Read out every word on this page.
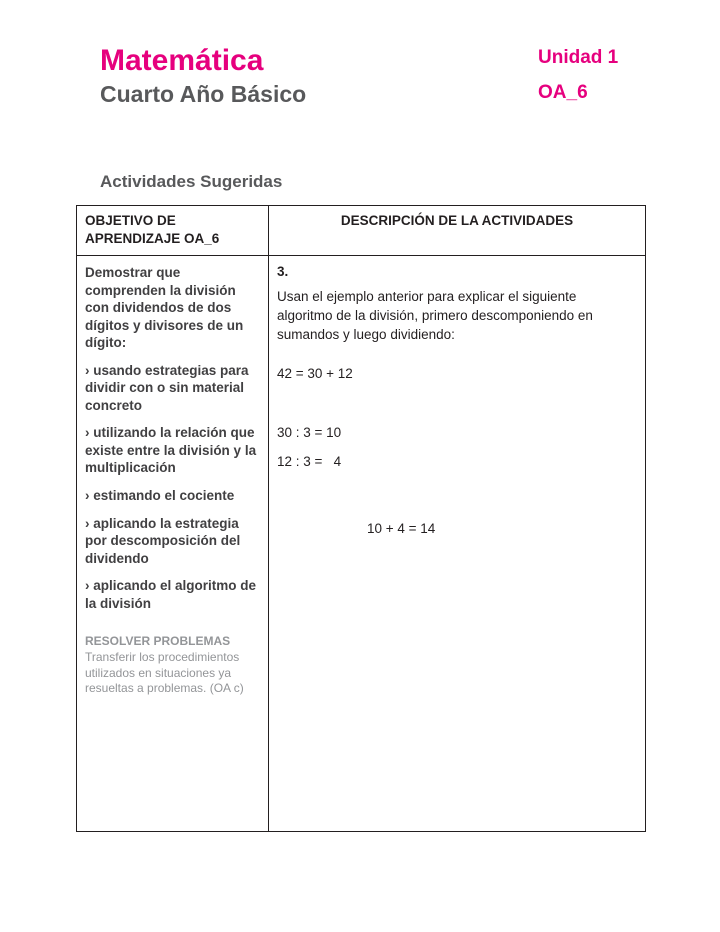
Matemática
Cuarto Año Básico
Unidad 1
OA_6
Actividades Sugeridas
OBJETIVO DE APRENDIZAJE OA_6
DESCRIPCIÓN DE LA ACTIVIDADES

Demostrar que comprenden la división con dividendos de dos dígitos y divisores de un dígito:

› usando estrategias para dividir con o sin material concreto

› utilizando la relación que existe entre la división y la multiplicación

› estimando el cociente

› aplicando la estrategia por descomposición del dividendo

› aplicando el algoritmo de la división

RESOLVER PROBLEMAS
Transferir los procedimientos utilizados en situaciones ya resueltas a problemas. (OA c)
3.
Usan el ejemplo anterior para explicar el siguiente algoritmo de la división, primero descomponiendo en sumandos y luego dividiendo:
42 = 30 + 12
30 : 3 = 10
12 : 3 =   4
10 + 4 = 14
